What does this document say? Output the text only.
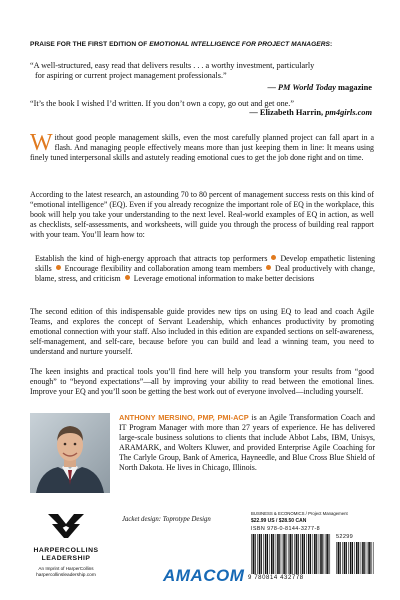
PRAISE FOR THE FIRST EDITION OF EMOTIONAL INTELLIGENCE FOR PROJECT MANAGERS:
“A well-structured, easy read that delivers results . . . a worthy investment, particularly
for aspiring or current project management professionals.”
— PM World Today magazine
“It’s the book I wished I’d written. If you don’t own a copy, go out and get one.”
— Elizabeth Harrin, pm4girls.com
Without good people management skills, even the most carefully planned project can fall apart in a flash. And managing people effectively means more than just keeping them in line: It means using finely tuned interpersonal skills and astutely reading emotional cues to get the job done right and on time.
According to the latest research, an astounding 70 to 80 percent of management success rests on this kind of “emotional intelligence” (EQ). Even if you already recognize the important role of EQ in the workplace, this book will help you take your understanding to the next level. Real-world examples of EQ in action, as well as checklists, self-assessments, and worksheets, will guide you through the process of building real rapport with your team. You’ll learn how to:
Establish the kind of high-energy approach that attracts top performers Develop empathetic listening skills Encourage flexibility and collaboration among team members Deal productively with change, blame, stress, and criticism Leverage emotional information to make better decisions
The second edition of this indispensable guide provides new tips on using EQ to lead and coach Agile Teams, and explores the concept of Servant Leadership, which enhances productivity by promoting emotional connection with your staff. Also included in this edition are expanded sections on self-awareness, self-management, and self-care, because before you can build and lead a winning team, you need to understand and nurture yourself.
The keen insights and practical tools you’ll find here will help you transform your results from “good enough” to “beyond expectations”—all by improving your ability to read between the emotional lines. Improve your EQ and you’ll soon be getting the best work out of everyone involved—including yourself.
ANTHONY MERSINO, PMP, PMI-ACP is an Agile Transformation Coach and IT Program Manager with more than 27 years of experience. He has delivered large-scale business solutions to clients that include Abbot Labs, IBM, Unisys, ARAMARK, and Wolters Kluwer, and provided Enterprise Agile Coaching for The Carlyle Group, Bank of America, Hayneedle, and Blue Cross Blue Shield of North Dakota. He lives in Chicago, Illinois.
HARPERCOLLINS
LEADERSHIP
An Imprint of HarperCollins
harpercollinsleadership.com
Jacket design: Toprotype Design
AMACOM
BUSINESS & ECONOMICS / Project Management
$22.99 US / $28.50 CAN
ISBN 978-0-8144-3277-8
52299
9 780814 432778
